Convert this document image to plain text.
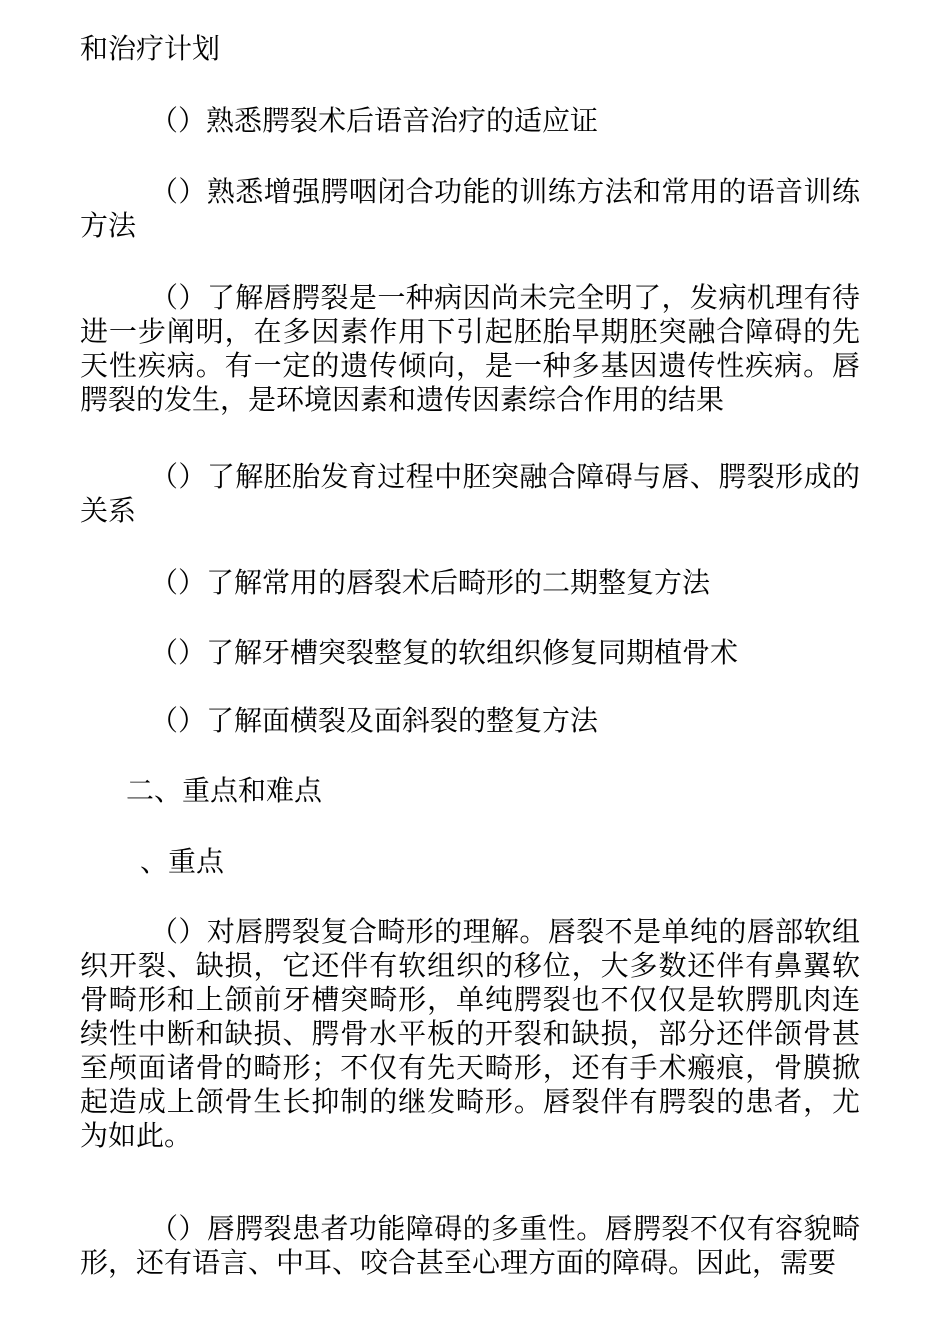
和治疗计划

（）熟悉腭裂术后语音治疗的适应证

（）熟悉增强腭咽闭合功能的训练方法和常用的语音训练方法

（）了解唇腭裂是一种病因尚未完全明了，发病机理有待进一步阐明，在多因素作用下引起胚胎早期胚突融合障碍的先天性疾病。有一定的遗传倾向，是一种多基因遗传性疾病。唇腭裂的发生，是环境因素和遗传因素综合作用的结果

（）了解胚胎发育过程中胚突融合障碍与唇、腭裂形成的关系

（）了解常用的唇裂术后畸形的二期整复方法

（）了解牙槽突裂整复的软组织修复同期植骨术

（）了解面横裂及面斜裂的整复方法

二、重点和难点

、重点

（）对唇腭裂复合畸形的理解。唇裂不是单纯的唇部软组织开裂、缺损，它还伴有软组织的移位，大多数还伴有鼻翼软骨畸形和上颌前牙槽突畸形，单纯腭裂也不仅仅是软腭肌肉连续性中断和缺损、腭骨水平板的开裂和缺损，部分还伴颌骨甚至颅面诸骨的畸形；不仅有先天畸形，还有手术瘢痕，骨膜掀起造成上颌骨生长抑制的继发畸形。唇裂伴有腭裂的患者，尤为如此。

（）唇腭裂患者功能障碍的多重性。唇腭裂不仅有容貌畸形，还有语言、中耳、咬合甚至心理方面的障碍。因此，需要
